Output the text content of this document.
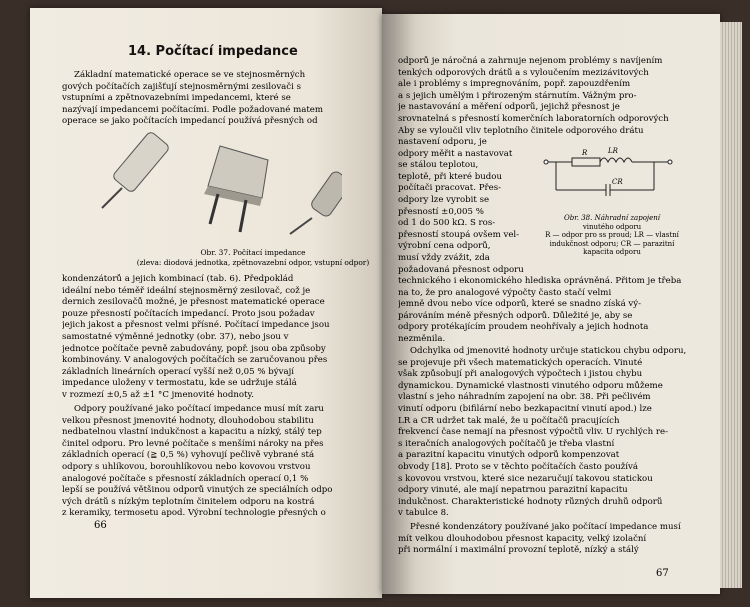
14. Počítací impedance
Základní matematické operace se ve stejnosměrných
gových počítačích zajišťují stejnosměrnými zesilovači s
vstupními a zpětnovazebními impedancemi, které se
nazývají impedancemi počítacími. Podle požadované matem
operace se jako počítacích impedancí používá přesných od
Obr. 37. Počítací impedance
(zleva: diodová jednotka, zpětnovazební odpor, vstupní odpor)
kondenzátorů a jejich kombinací (tab. 6). Předpoklád
ideální nebo téměř ideální stejnosměrný zesilovač, což je
dernich zesilovačů možné, je přesnost matematické operace
pouze přesností počítacích impedancí. Proto jsou požadav
jejich jakost a přesnost velmi přísné. Počítací impedance jsou
samostatné výměnné jednotky (obr. 37), nebo jsou v
jednotce počítače pevně zabudovány, popř. jsou oba způsoby
kombinovány. V analogových počítačích se zaručovanou přes
základních lineárních operací vyšší než 0,05 % bývají
impedance uloženy v termostatu, kde se udržuje stálá
v rozmezí ±0,5 až ±1 °C jmenovité hodnoty.
Odpory používané jako počítací impedance musí mít zaru
velkou přesnost jmenovité hodnoty, dlouhodobou stabilitu
nedbatelnou vlastní indukčnost a kapacitu a nízký, stálý tep
činitel odporu. Pro levné počítače s menšími nároky na přes
základních operací (≧ 0,5 %) vyhovují pečlivě vybrané stá
odpory s uhlíkovou, borouhlíkovou nebo kovovou vrstvou
analogové počítače s přesností základních operací 0,1 %
lepší se používá většinou odporů vinutých ze speciálních odpo
vých drátů s nízkým teplotním činitelem odporu na kostrá
z keramiky, termosetu apod. Výrobní technologie přesných o
66
odporů je náročná a zahrnuje nejenom problémy s navíjením
tenkých odporových drátů a s vyloučením mezizávitových
ale i problémy s impregnováním, popř. zapouzdřením
a s jejich umělým i přirozeným stárnutím. Vážným pro-
je nastavování a měření odporů, jejichž přesnost je
srovnatelná s přesností komerčních laboratorních odporových
Aby se vyloučil vliv teplotního činitele odporového drátu
nastavení odporu, je
odpory měřit a nastavovat
se stálou teplotou,
teplotě, při které budou
počítači pracovat. Přes-
odpory lze vyrobit se
přesností ±0,005 %
od 1 do 500 kΩ. S ros-
přesností stoupá ovšem vel-
výrobní cena odporů,
musí vždy zvážit, zda
požadovaná přesnost odporu
R	LR
CR
Obr. 38. Náhradní zapojení
vinutého odporu
R — odpor pro ss proud; LR — vlastní
indukčnost odporu; CR — parazitní
kapacita odporu
technického i ekonomického hlediska oprávněná. Přitom je třeba
na to, že pro analogové výpočty často stačí velmi
jemně dvou nebo více odporů, které se snadno získá vý-
párováním méně přesných odporů. Důležité je, aby se
odpory protékajícím proudem neohřívaly a jejich hodnota
nezměnila.
Odchylka od jmenovité hodnoty určuje statickou chybu odporu,
se projevuje při všech matematických operacích. Vinuté
však způsobují při analogových výpočtech i jistou chybu
dynamickou. Dynamické vlastnosti vinutého odporu můžeme
vlastní s jeho náhradním zapojení na obr. 38. Při pečlivém
vinutí odporu (bifilární nebo bezkapacitní vinutí apod.) lze
LR a CR udržet tak malé, že u počítačů pracujících
frekvencí čase nemají na přesnost výpočtů vliv. U rychlých re-
s iteračních analogových počítačů je třeba vlastní
a parazitní kapacitu vinutých odporů kompenzovat
obvody [18]. Proto se v těchto počítačích často používá
s kovovou vrstvou, které sice nezaručují takovou statickou
odpory vinuté, ale mají nepatrnou parazitní kapacitu
indukčnost. Charakteristické hodnoty různých druhů odporů
v tabulce 8.
Přesné kondenzátory používané jako počítací impedance musí
mít velkou dlouhodobou přesnost kapacity, velký izolační
při normální i maximální provozní teplotě, nízký a stálý
67
